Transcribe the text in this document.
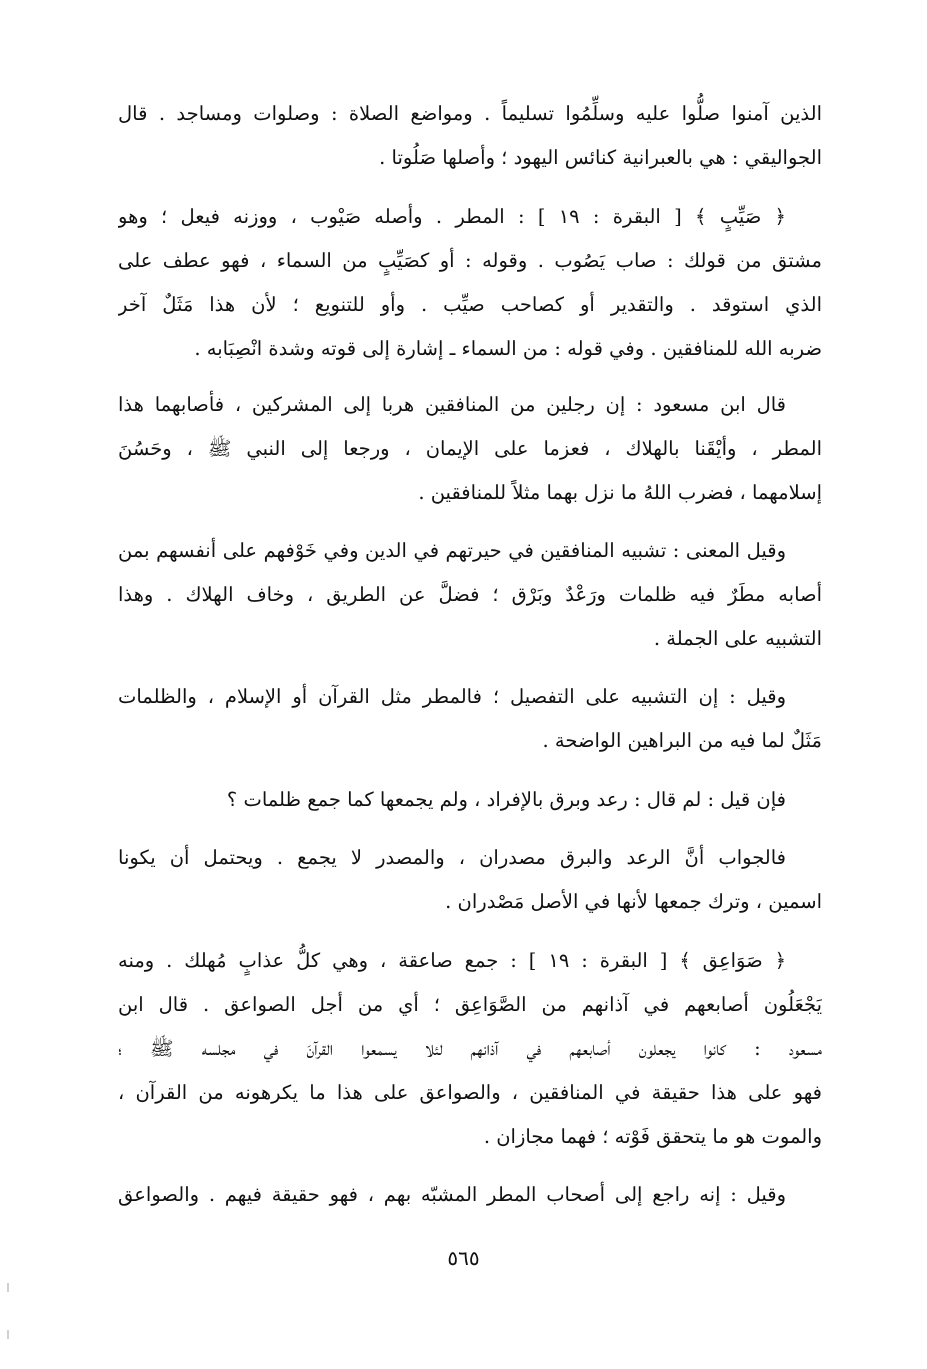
الذين آمنوا صلُّوا عليه وسلِّمُوا تسليماً . ومواضع الصلاة : وصلوات ومساجد . قال
الجواليقي : هي بالعبرانية كنائس اليهود ؛ وأصلها صَلُوتا .
﴿ صَيِّبٍ ﴾ [ البقرة : ١٩ ] : المطر . وأصله صَيْوب ، ووزنه فيعل ؛ وهو
مشتق من قولك : صاب يَصُوب . وقوله : أو كصَيِّبٍ من السماء ، فهو عطف على
الذي استوقد . والتقدير أو كصاحب صيِّب . وأو للتنويع ؛ لأن هذا مَثَلٌ آخر
ضربه الله للمنافقين . وفي قوله : من السماء ـ إشارة إلى قوته وشدة انْصِبَابه .
قال ابن مسعود : إن رجلين من المنافقين هربا إلى المشركين ، فأصابهما هذا
المطر ، وأيْقَنا بالهلاك ، فعزما على الإيمان ، ورجعا إلى النبي ﷺ ، وحَسُنَ
إسلامهما ، فضرب اللهُ ما نزل بهما مثلاً للمنافقين .
وقيل المعنى : تشبيه المنافقين في حيرتهم في الدين وفي خَوْفهم على أنفسهم بمن
أصابه مطَرٌ فيه ظلمات ورَعْدٌ وبَرْق ؛ فضلَّ عن الطريق ، وخاف الهلاك . وهذا
التشبيه على الجملة .
وقيل : إن التشبيه على التفصيل ؛ فالمطر مثل القرآن أو الإسلام ، والظلمات
مَثَلٌ لما فيه من البراهين الواضحة .
فإن قيل : لم قال : رعد وبرق بالإفراد ، ولم يجمعها كما جمع ظلمات ؟
فالجواب أنَّ الرعد والبرق مصدران ، والمصدر لا يجمع . ويحتمل أن يكونا
اسمين ، وترك جمعها لأنها في الأصل مَصْدران .
﴿ صَوَاعِق ﴾ [ البقرة : ١٩ ] : جمع صاعقة ، وهي كلُّ عذابٍ مُهلك . ومنه
يَجْعَلُون أصابعهم في آذانهم من الصَّوَاعِق ؛ أي من أجل الصواعق . قال ابن
مسعود : كانوا يجعلون أصابعهم في آذانهم لئلا يسمعوا القرآنَ في مجلسه ﷺ ؛
فهو على هذا حقيقة في المنافقين ، والصواعق على هذا ما يكرهونه من القرآن ،
والموت هو ما يتحقق فَوْته ؛ فهما مجازان .
وقيل : إنه راجع إلى أصحاب المطر المشبّه بهم ، فهو حقيقة فيهم . والصواعق
٥٦٥
